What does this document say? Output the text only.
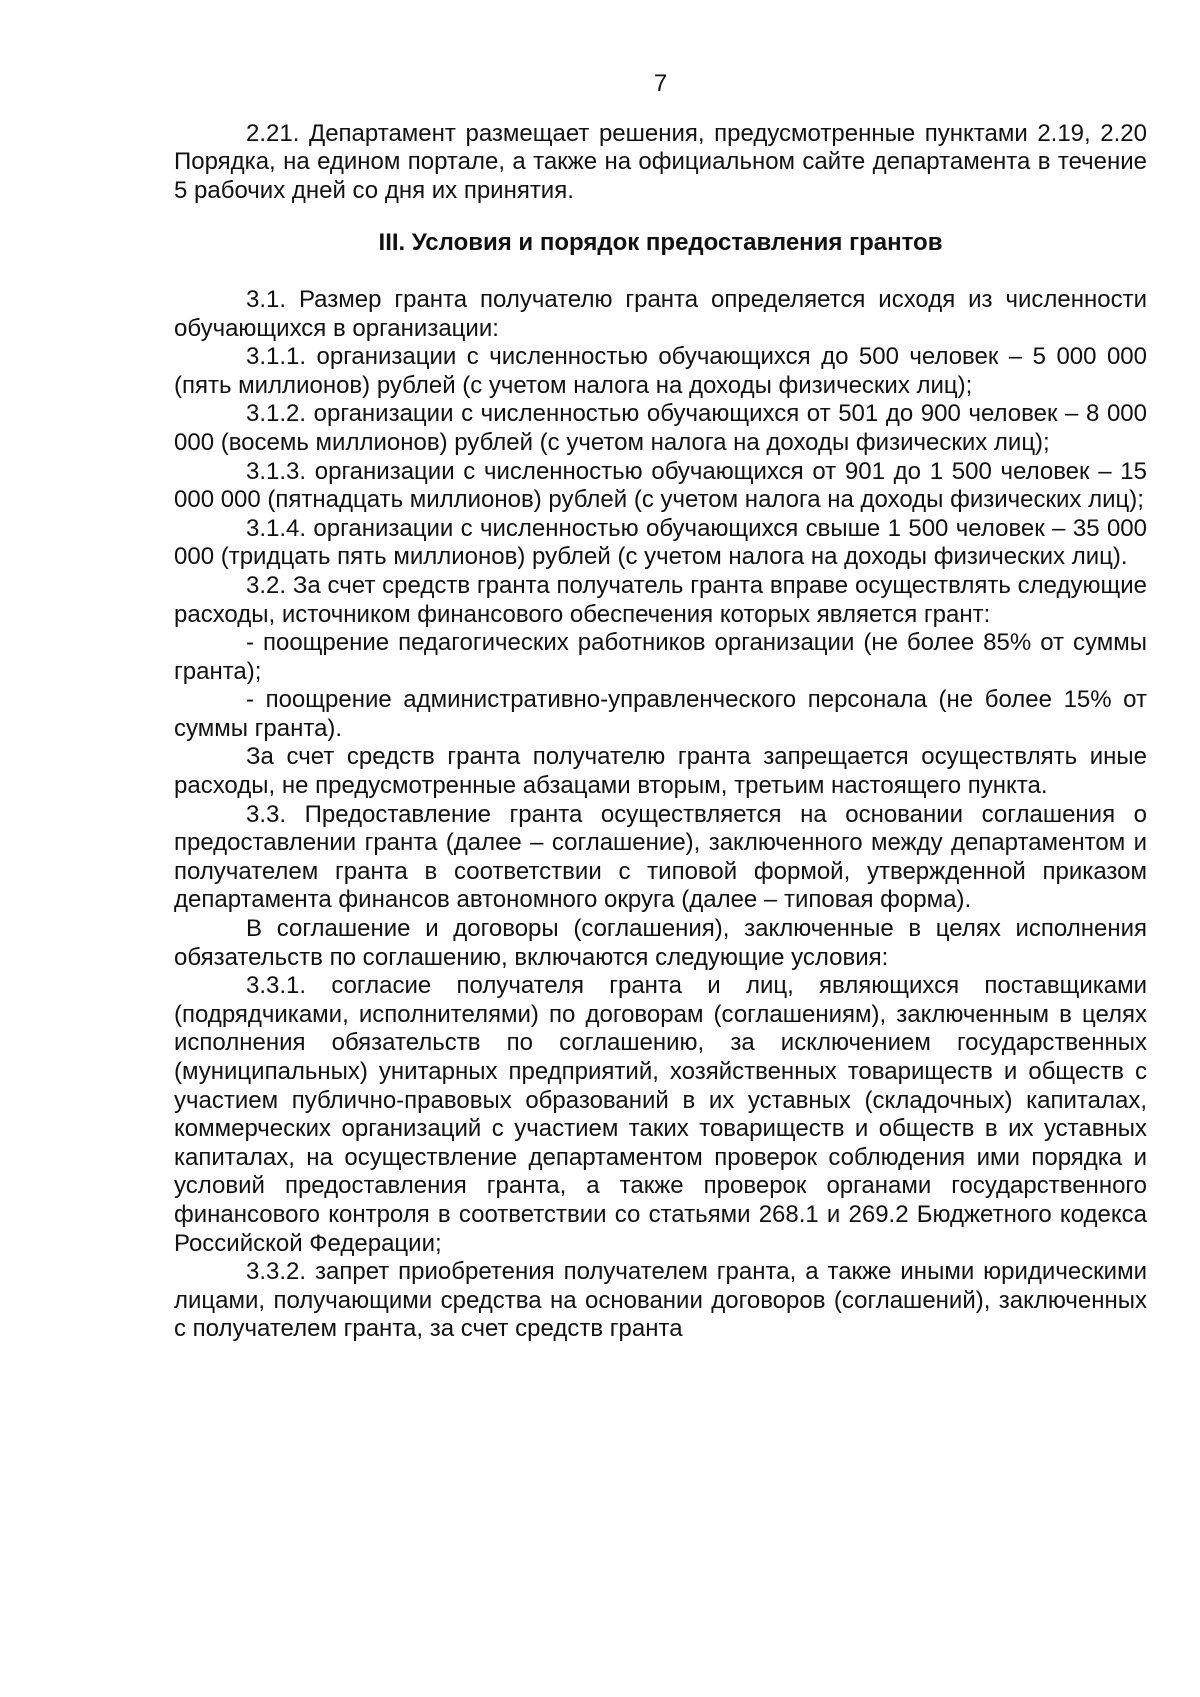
7

2.21. Департамент размещает решения, предусмотренные пунктами 2.19, 2.20 Порядка, на едином портале, а также на официальном сайте департамента в течение 5 рабочих дней со дня их принятия.

III. Условия и порядок предоставления грантов

3.1. Размер гранта получателю гранта определяется исходя из численности обучающихся в организации:

3.1.1. организации с численностью обучающихся до 500 человек – 5 000 000 (пять миллионов) рублей (с учетом налога на доходы физических лиц);

3.1.2. организации с численностью обучающихся от 501 до 900 человек – 8 000 000 (восемь миллионов) рублей (с учетом налога на доходы физических лиц);

3.1.3. организации с численностью обучающихся от 901 до 1 500 человек – 15 000 000 (пятнадцать миллионов) рублей (с учетом налога на доходы физических лиц);

3.1.4. организации с численностью обучающихся свыше 1 500 человек – 35 000 000 (тридцать пять миллионов) рублей (с учетом налога на доходы физических лиц).

3.2. За счет средств гранта получатель гранта вправе осуществлять следующие расходы, источником финансового обеспечения которых является грант:

- поощрение педагогических работников организации (не более 85% от суммы гранта);

- поощрение административно-управленческого персонала (не более 15% от суммы гранта).

За счет средств гранта получателю гранта запрещается осуществлять иные расходы, не предусмотренные абзацами вторым, третьим настоящего пункта.

3.3. Предоставление гранта осуществляется на основании соглашения о предоставлении гранта (далее – соглашение), заключенного между департаментом и получателем гранта в соответствии с типовой формой, утвержденной приказом департамента финансов автономного округа (далее – типовая форма).

В соглашение и договоры (соглашения), заключенные в целях исполнения обязательств по соглашению, включаются следующие условия:

3.3.1. согласие получателя гранта и лиц, являющихся поставщиками (подрядчиками, исполнителями) по договорам (соглашениям), заключенным в целях исполнения обязательств по соглашению, за исключением государственных (муниципальных) унитарных предприятий, хозяйственных товариществ и обществ с участием публично-правовых образований в их уставных (складочных) капиталах, коммерческих организаций с участием таких товариществ и обществ в их уставных капиталах, на осуществление департаментом проверок соблюдения ими порядка и условий предоставления гранта, а также проверок органами государственного финансового контроля в соответствии со статьями 268.1 и 269.2 Бюджетного кодекса Российской Федерации;

3.3.2. запрет приобретения получателем гранта, а также иными юридическими лицами, получающими средства на основании договоров (соглашений), заключенных с получателем гранта, за счет средств гранта
